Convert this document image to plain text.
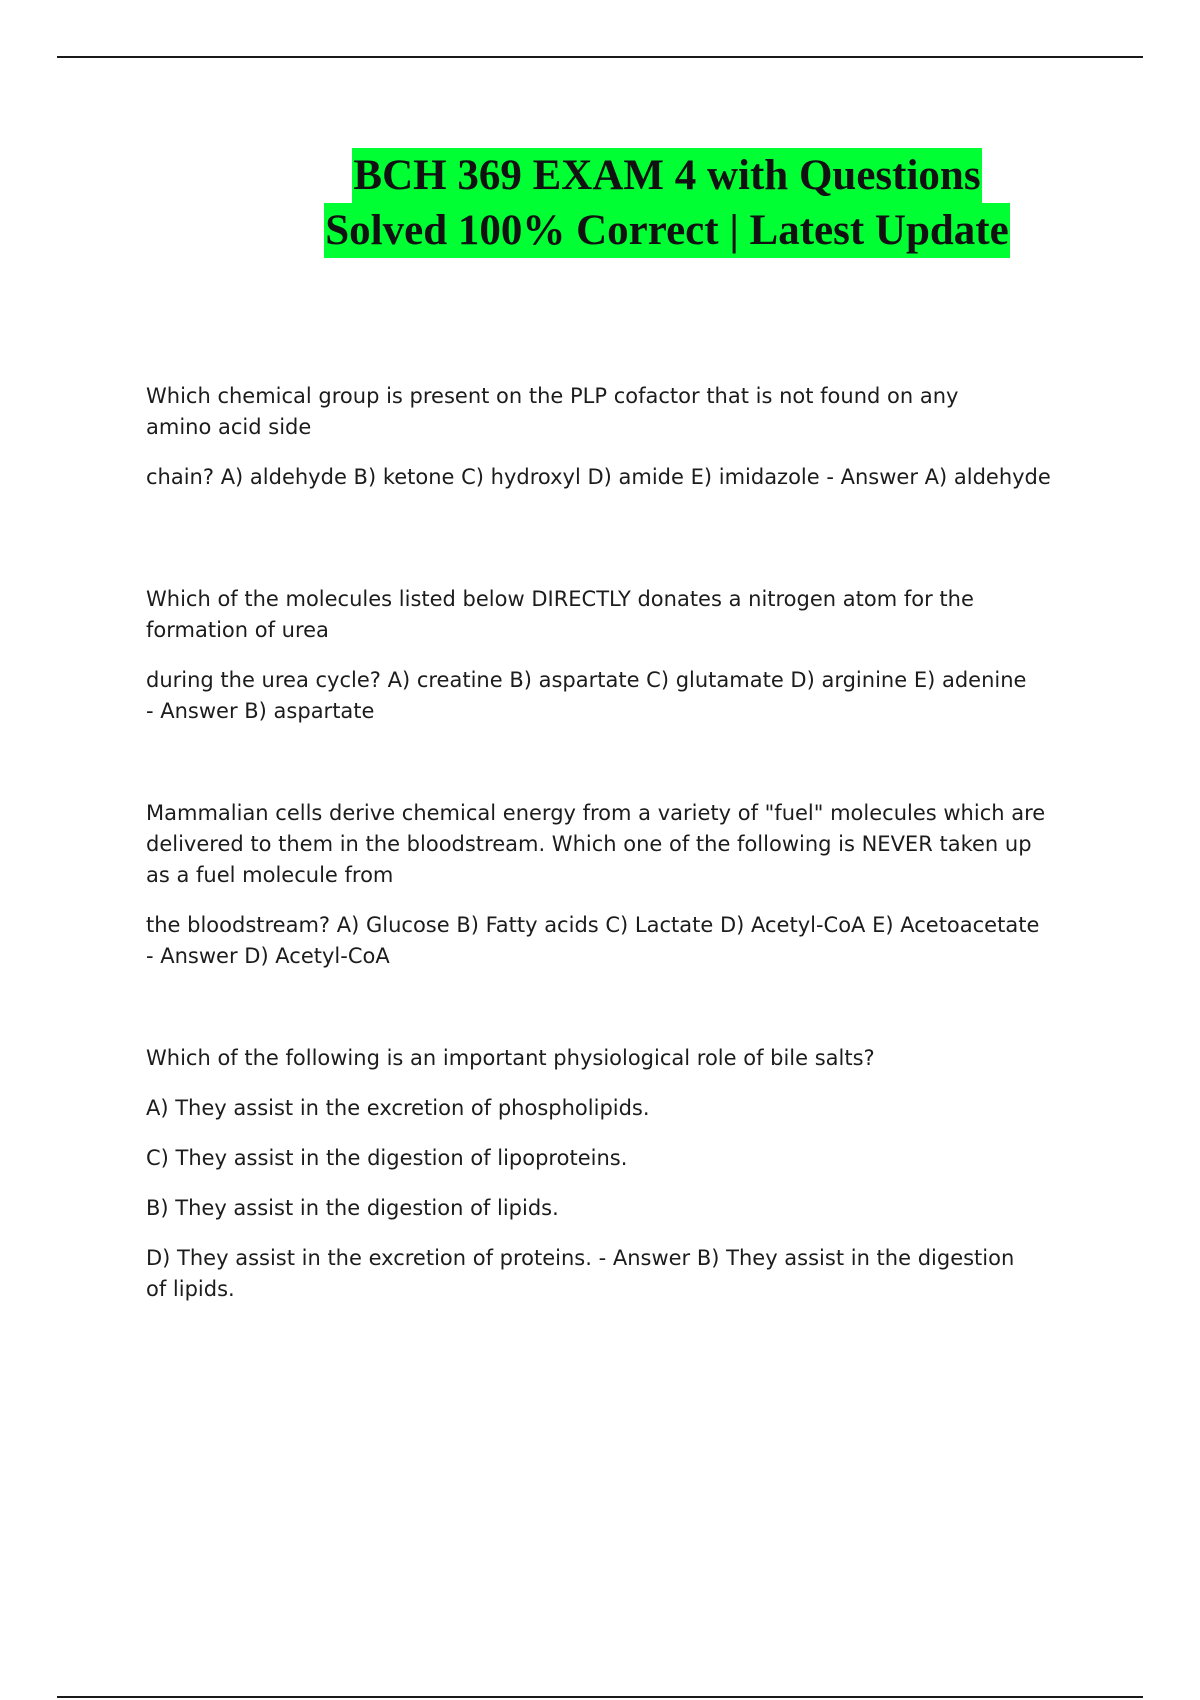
BCH 369 EXAM 4 with Questions
Solved 100% Correct | Latest Update

Which chemical group is present on the PLP cofactor that is not found on any
amino acid side

chain? A) aldehyde B) ketone C) hydroxyl D) amide E) imidazole - Answer A) aldehyde

Which of the molecules listed below DIRECTLY donates a nitrogen atom for the
formation of urea

during the urea cycle? A) creatine B) aspartate C) glutamate D) arginine E) adenine
- Answer B) aspartate

Mammalian cells derive chemical energy from a variety of "fuel" molecules which are
delivered to them in the bloodstream. Which one of the following is NEVER taken up
as a fuel molecule from

the bloodstream? A) Glucose B) Fatty acids C) Lactate D) Acetyl-CoA E) Acetoacetate
- Answer D) Acetyl-CoA

Which of the following is an important physiological role of bile salts?

A) They assist in the excretion of phospholipids.

C) They assist in the digestion of lipoproteins.

B) They assist in the digestion of lipids.

D) They assist in the excretion of proteins. - Answer B) They assist in the digestion
of lipids.
